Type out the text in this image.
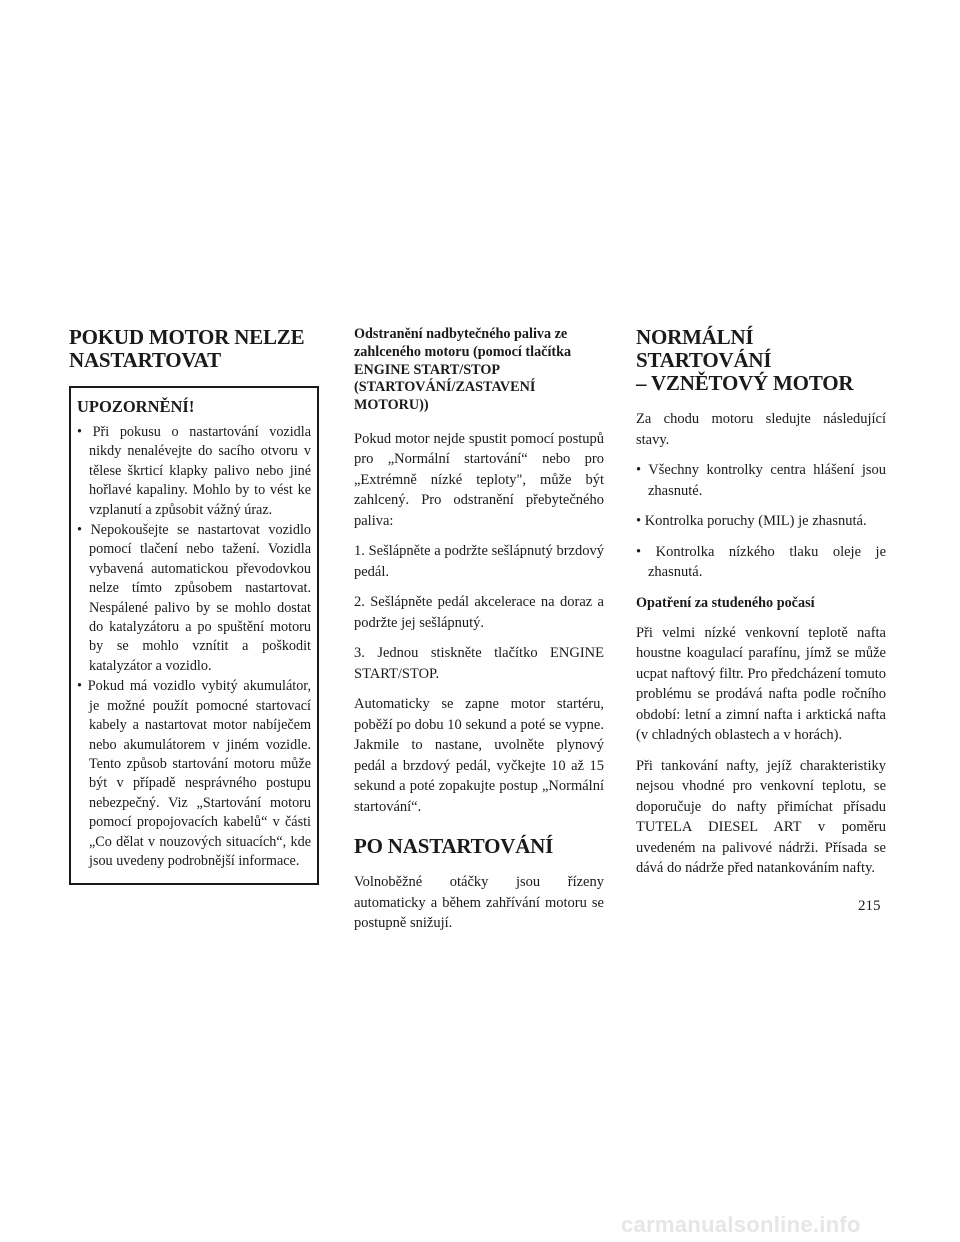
POKUD MOTOR NELZE
NASTARTOVAT
UPOZORNĚNÍ!
• Při pokusu o nastartování vozidla nikdy nenalévejte do sacího otvoru v tělese škrticí klapky palivo nebo jiné hořlavé kapaliny. Mohlo by to vést ke vzplanutí a způsobit vážný úraz.
• Nepokoušejte se nastartovat vozidlo pomocí tlačení nebo tažení. Vozidla vybavená automatickou převodovkou nelze tímto způsobem nastartovat. Nespálené palivo by se mohlo dostat do katalyzátoru a po spuštění motoru by se mohlo vznítit a poškodit katalyzátor a vozidlo.
• Pokud má vozidlo vybitý akumulátor, je možné použít pomocné startovací kabely a nastartovat motor nabíječem nebo akumulátorem v jiném vozidle. Tento způsob startování motoru může být v případě nesprávného postupu nebezpečný. Viz „Startování motoru pomocí propojovacích kabelů“ v části „Co dělat v nouzových situacích“, kde jsou uvedeny podrobnější informace.
Odstranění nadbytečného paliva ze zahlceného motoru (pomocí tlačítka ENGINE START/STOP (STARTOVÁNÍ/ZASTAVENÍ MOTORU))

Pokud motor nejde spustit pomocí postupů pro „Normální startování“ nebo pro „Extrémně nízké teploty", může být zahlcený. Pro odstranění přebytečného paliva:

1. Sešlápněte a podržte sešlápnutý brzdový pedál.

2. Sešlápněte pedál akcelerace na doraz a podržte jej sešlápnutý.

3. Jednou stiskněte tlačítko ENGINE START/STOP.

Automaticky se zapne motor startéru, poběží po dobu 10 sekund a poté se vypne. Jakmile to nastane, uvolněte plynový pedál a brzdový pedál, vyčkejte 10 až 15 sekund a poté zopakujte postup „Normální startování“.

PO NASTARTOVÁNÍ

Volnoběžné otáčky jsou řízeny automaticky a během zahřívání motoru se postupně snižují.

NORMÁLNÍ STARTOVÁNÍ
– VZNĚTOVÝ MOTOR

Za chodu motoru sledujte následující stavy.

• Všechny kontrolky centra hlášení jsou zhasnuté.
• Kontrolka poruchy (MIL) je zhasnutá.
• Kontrolka nízkého tlaku oleje je zhasnutá.
Opatření za studeného počasí

Při velmi nízké venkovní teplotě nafta houstne koagulací parafínu, jímž se může ucpat naftový filtr. Pro předcházení tomuto problému se prodává nafta podle ročního období: letní a zimní nafta i arktická nafta (v chladných oblastech a v horách).

Při tankování nafty, jejíž charakteristiky nejsou vhodné pro venkovní teplotu, se doporučuje do nafty přimíchat přísadu TUTELA DIESEL ART v poměru uvedeném na palivové nádrži. Přísada se dává do nádrže před natankováním nafty.

215
carmanualsonline.info
